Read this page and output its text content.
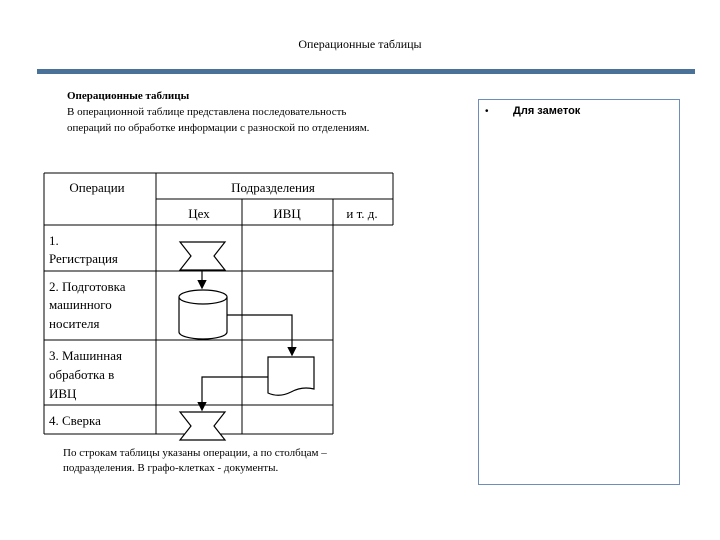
Операционные таблицы
Операционные таблицы
В операционной таблице представлена последовательность
операций по обработке информации с разноской по отделениям.
• Для заметок
Операции	Подразделения
Цех	ИВЦ	и т. д.
1.
Регистрация
2. Подготовка
машинного
носителя
3. Машинная
обработка в
ИВЦ
4. Сверка
По строкам таблицы указаны операции, а по столбцам –
подразделения. В графо-клетках - документы.
